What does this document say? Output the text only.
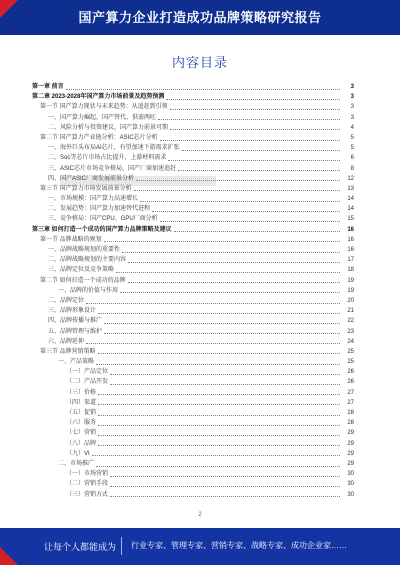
国产算力企业打造成功品牌策略研究报告
内容目录
第一章 前言	3
第二章 2023-2028年国产算力市场前景及趋势预测	3
第一节 国产算力现状与未来趋势：从追赶到引领	3
一、国产算力崛起，国产替代、供需两旺	3
二、风险分析与投资建议，国产算力前景可期	4
第二节 国产算力产业链分析：ASIC芯片分析	5
一、海外巨头布局AI芯片，有望加速下游需求扩张	5
二、Soc等芯片市场占比提升，上游材料需求	6
三、ASIC芯片市场竞争格局，国产厂商加速追赶	8
四、国产ASIC厂商发展前景分析	12
第三节 国产算力市场发展前景分析	13
一、市场规模：国产算力高速增长	14
二、发展趋势：国产算力加速替代进程	14
三、竞争格局：国产CPU、GPU厂商分析	15
第三章 如何打造一个成功的国产算力品牌策略及建议	16
第一节 品牌战略的规划	16
一、品牌战略规划的重要性	16
二、品牌战略规划的主要内容	17
三、品牌定位及竞争策略	18
第二节 如何打造一个成功的品牌	19
一、品牌的价值与作用	19
二、品牌定位	20
三、品牌形象设计	21
四、品牌传播与推广	22
五、品牌管理与维护	23
六、品牌延伸	24
第三节 品牌营销策略	25
一、产品策略	25
（一）产品定位	26
（二）产品开发	26
（三）价格	27
（四）渠道	27
（五）促销	28
（六）服务	28
（七）营销	29
（八）品牌	29
（九）VI	29
二、市场推广	29
（一）市场营销	30
（二）营销手段	30
（三）营销方式	30
2
让每个人都能成为 行业专家、管理专家、营销专家、战略专家、成功企业家……
